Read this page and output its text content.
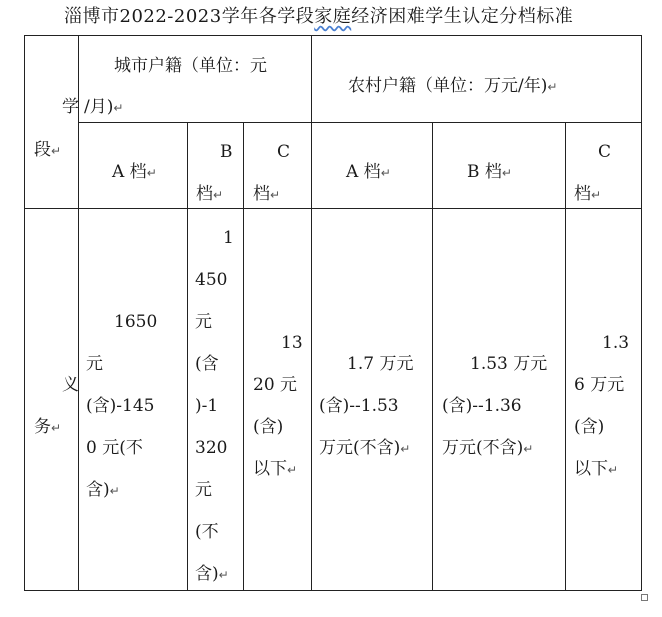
淄博市2022-2023学年各学段家庭经济困难学生认定分档标准
学
段↵
城市户籍（单位：元
/月)↵
农村户籍（单位：万元/年)↵
A 档↵
B
档↵
C
档↵
A 档↵	B 档↵
C
档↵
义
务↵
1650
元
(含)-145
0 元(不
含)↵
1
450
元
(含
)-1
320
元
(不
含)↵
13
20 元
(含)
以下↵
1.7 万元
(含)--1.53
万元(不含)↵
1.53 万元
(含)--1.36
万元(不含)↵
1.3
6 万元
(含)
以下↵
